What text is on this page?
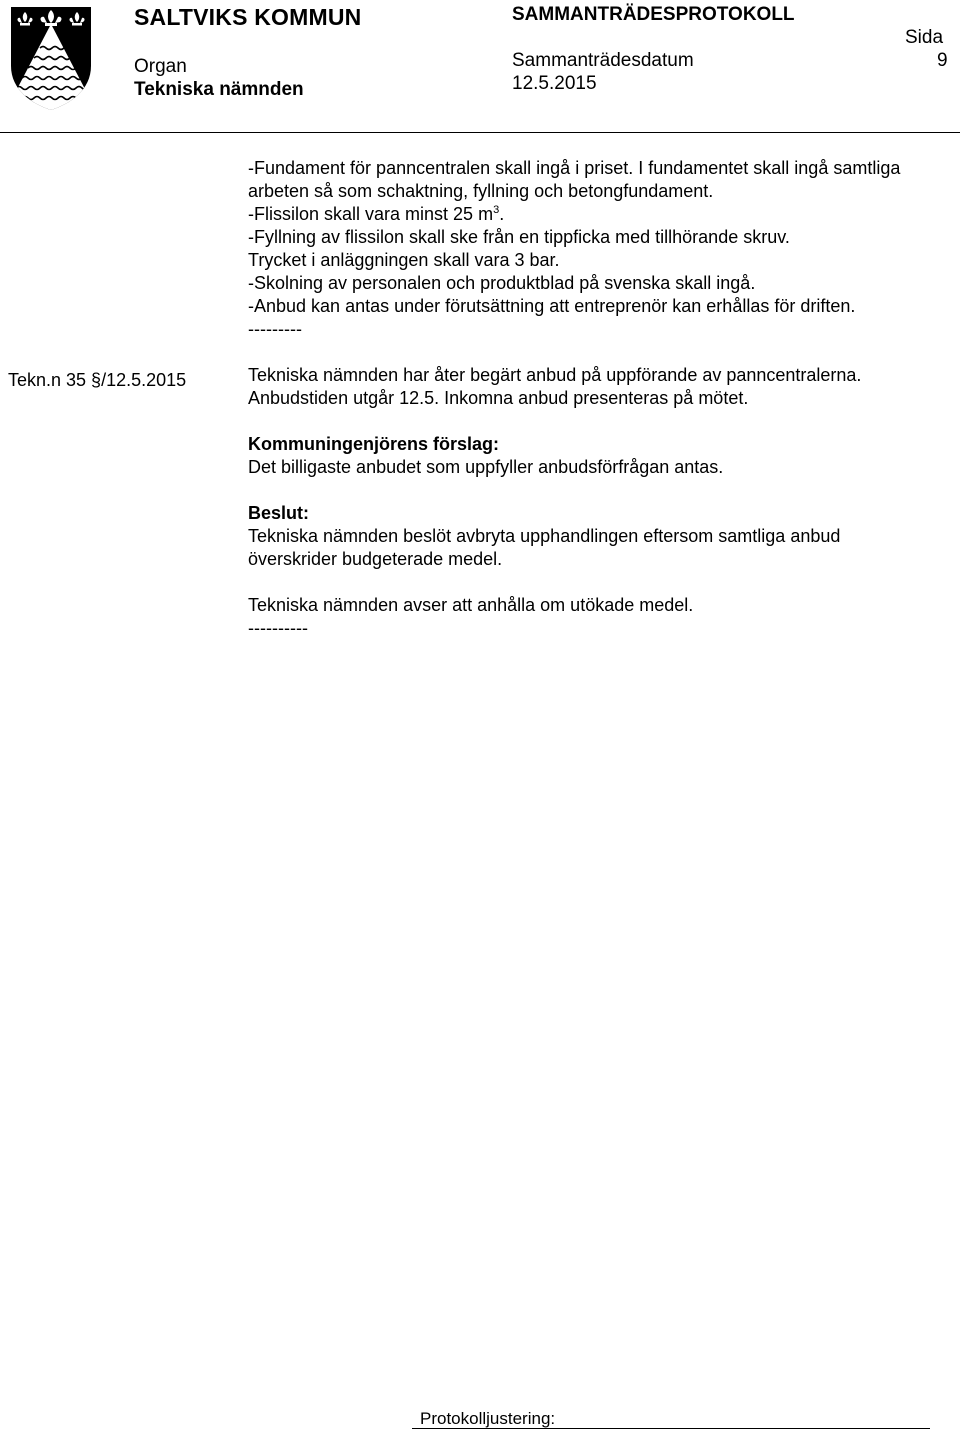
SALTVIKS KOMMUN	SAMMANTRÄDESPROTOKOLL
Organ
Tekniska nämnden
Sammanträdesdatum
12.5.2015
Sida
9
Tekn.n 35 §/12.5.2015

-Fundament för panncentralen skall ingå i priset. I fundamentet skall ingå samtliga arbeten så som schaktning, fyllning och betongfundament.

-Flissilon skall vara minst 25 $m^3$.

-Fyllning av flissilon skall ske från en tippficka med tillhörande skruv.

Trycket i anläggningen skall vara 3 bar.

-Skolning av personalen och produktblad på svenska skall ingå.

-Anbud kan antas under förutsättning att entreprenör kan erhållas för driften.

---------

Tekniska nämnden har åter begärt anbud på uppförande av panncentralerna. Anbudstiden utgår 12.5. Inkomna anbud presenteras på mötet.

Kommuningenjörens förslag:

Det billigaste anbudet som uppfyller anbudsförfrågan antas.

Beslut:

Tekniska nämnden beslöt avbryta upphandlingen eftersom samtliga anbud överskrider budgeterade medel.

Tekniska nämnden avser att anhålla om utökade medel.

----------

Protokolljustering:
